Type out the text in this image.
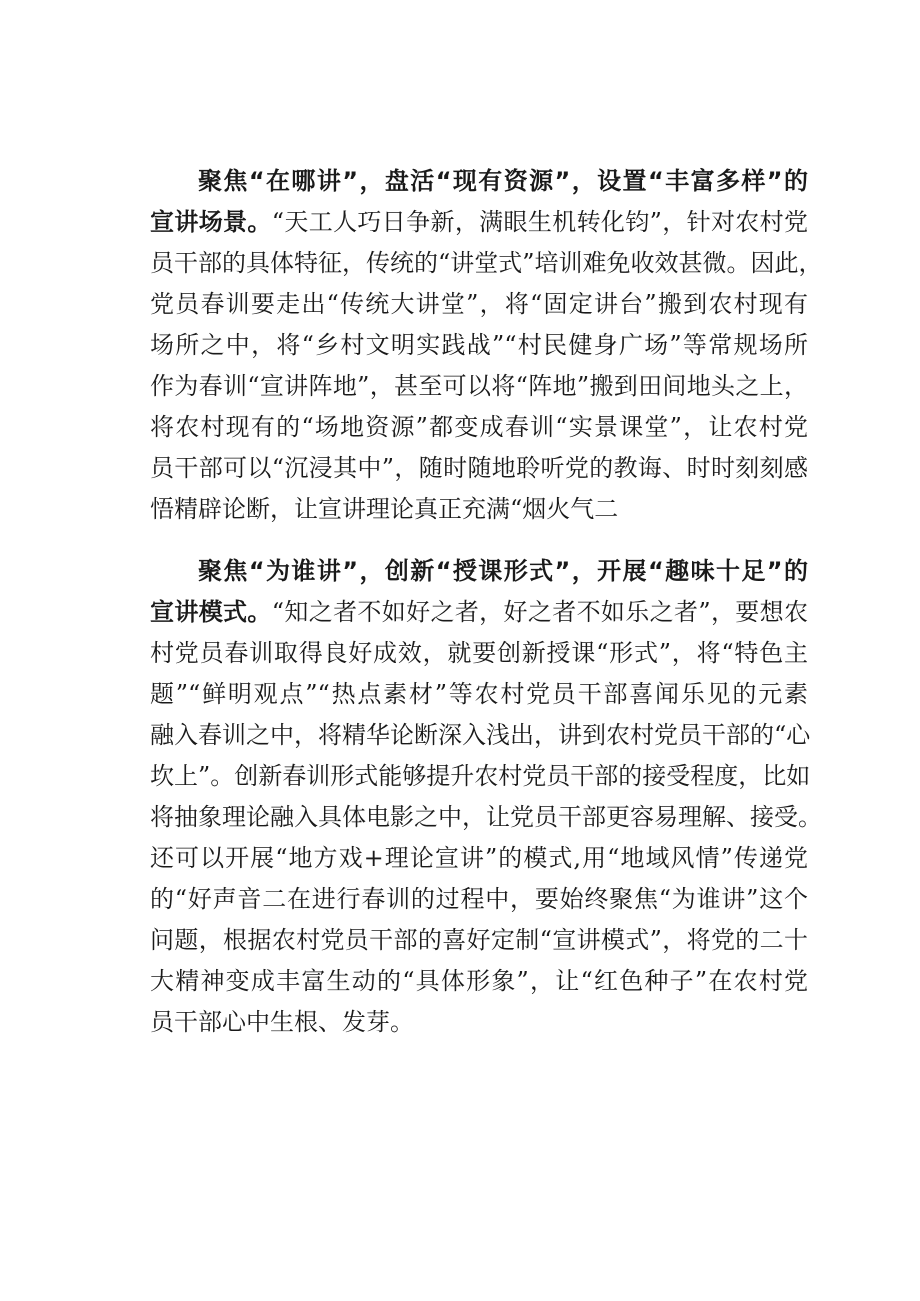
聚焦“在哪讲”，盘活“现有资源”，设置“丰富多样”的
宣讲场景。“天工人巧日争新，满眼生机转化钧”，针对农村党
员干部的具体特征，传统的“讲堂式”培训难免收效甚微。因此，
党员春训要走出“传统大讲堂”，将“固定讲台”搬到农村现有
场所之中，将“乡村文明实践战”“村民健身广场”等常规场所
作为春训“宣讲阵地”，甚至可以将“阵地”搬到田间地头之上，
将农村现有的“场地资源”都变成春训“实景课堂”，让农村党
员干部可以“沉浸其中”，随时随地聆听党的教诲、时时刻刻感
悟精辟论断，让宣讲理论真正充满“烟火气二
聚焦“为谁讲”，创新“授课形式”，开展“趣味十足”的
宣讲模式。“知之者不如好之者，好之者不如乐之者”，要想农
村党员春训取得良好成效，就要创新授课“形式”，将“特色主
题”“鲜明观点”“热点素材”等农村党员干部喜闻乐见的元素
融入春训之中，将精华论断深入浅出，讲到农村党员干部的“心
坎上”。创新春训形式能够提升农村党员干部的接受程度，比如
将抽象理论融入具体电影之中，让党员干部更容易理解、接受。
还可以开展“地方戏+理论宣讲”的模式,用“地域风情”传递党
的“好声音二在进行春训的过程中，要始终聚焦“为谁讲”这个
问题，根据农村党员干部的喜好定制“宣讲模式”，将党的二十
大精神变成丰富生动的“具体形象”，让“红色种子”在农村党
员干部心中生根、发芽。
